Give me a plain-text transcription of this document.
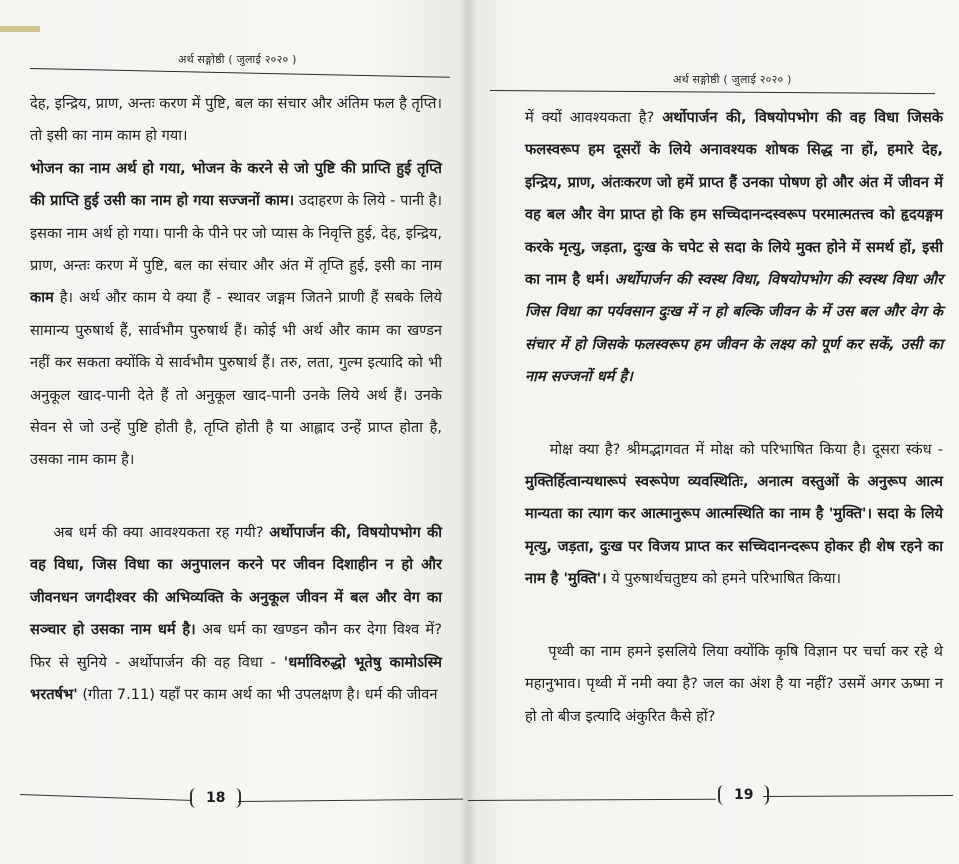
अर्थ सङ्गोष्ठी ( जुलाई २०२० )

देह, इन्द्रिय, प्राण, अन्तः करण में पुष्टि, बल का संचार और अंतिम फल है तृप्ति। तो इसी का नाम काम हो गया।

भोजन का नाम अर्थ हो गया, भोजन के करने से जो पुष्टि की प्राप्ति हुई तृप्ति की प्राप्ति हुई उसी का नाम हो गया सज्जनों काम। उदाहरण के लिये - पानी है। इसका नाम अर्थ हो गया। पानी के पीने पर जो प्यास के निवृत्ति हुई, देह, इन्द्रिय, प्राण, अन्तः करण में पुष्टि, बल का संचार और अंत में तृप्ति हुई, इसी का नाम काम है। अर्थ और काम ये क्या हैं - स्थावर जङ्गम जितने प्राणी हैं सबके लिये सामान्य पुरुषार्थ हैं, सार्वभौम पुरुषार्थ हैं। कोई भी अर्थ और काम का खण्डन नहीं कर सकता क्योंकि ये सार्वभौम पुरुषार्थ हैं। तरु, लता, गुल्म इत्यादि को भी अनुकूल खाद-पानी देते हैं तो अनुकूल खाद-पानी उनके लिये अर्थ हैं। उनके सेवन से जो उन्हें पुष्टि होती है, तृप्ति होती है या आह्लाद उन्हें प्राप्त होता है, उसका नाम काम है।

अब धर्म की क्या आवश्यकता रह गयी? अर्थोपार्जन की, विषयोपभोग की वह विधा, जिस विधा का अनुपालन करने पर जीवन दिशाहीन न हो और जीवनधन जगदीश्वर की अभिव्यक्ति के अनुकूल जीवन में बल और वेग का सञ्चार हो उसका नाम धर्म है। अब धर्म का खण्डन कौन कर देगा विश्व में? फिर से सुनिये - अर्थोपार्जन की वह विधा - 'धर्माविरुद्धो भूतेषु कामोऽस्मि भरतर्षभ' (गीता 7.11) यहाँ पर काम अर्थ का भी उपलक्षण है। धर्म की जीवन

18
अर्थ सङ्गोष्ठी ( जुलाई २०२० )

में क्यों आवश्यकता है? अर्थोपार्जन की, विषयोपभोग की वह विधा जिसके फलस्वरूप हम दूसरों के लिये अनावश्यक शोषक सिद्ध ना हों, हमारे देह, इन्द्रिय, प्राण, अंतःकरण जो हमें प्राप्त हैं उनका पोषण हो और अंत में जीवन में वह बल और वेग प्राप्त हो कि हम सच्चिदानन्दस्वरूप परमात्मतत्त्व को हृदयङ्गम करके मृत्यु, जड़ता, दुःख के चपेट से सदा के लिये मुक्त होने में समर्थ हों, इसी का नाम है धर्म। अर्थोपार्जन की स्वस्थ विधा, विषयोपभोग की स्वस्थ विधा और जिस विधा का पर्यवसान दुःख में न हो बल्कि जीवन के में उस बल और वेग के संचार में हो जिसके फलस्वरूप हम जीवन के लक्ष्य को पूर्ण कर सकें, उसी का नाम सज्जनों धर्म है।

मोक्ष क्या है? श्रीमद्भागवत में मोक्ष को परिभाषित किया है। दूसरा स्कंध - मुक्तिर्हित्वान्यथारूपं स्वरूपेण व्यवस्थितिः, अनात्म वस्तुओं के अनुरूप आत्म मान्यता का त्याग कर आत्मानुरूप आत्मस्थिति का नाम है 'मुक्ति'। सदा के लिये मृत्यु, जड़ता, दुःख पर विजय प्राप्त कर सच्चिदानन्दरूप होकर ही शेष रहने का नाम है 'मुक्ति'। ये पुरुषार्थचतुष्टय को हमने परिभाषित किया।

पृथ्वी का नाम हमने इसलिये लिया क्योंकि कृषि विज्ञान पर चर्चा कर रहे थे महानुभाव। पृथ्वी में नमी क्या है? जल का अंश है या नहीं? उसमें अगर ऊष्मा न हो तो बीज इत्यादि अंकुरित कैसे हों?

19
